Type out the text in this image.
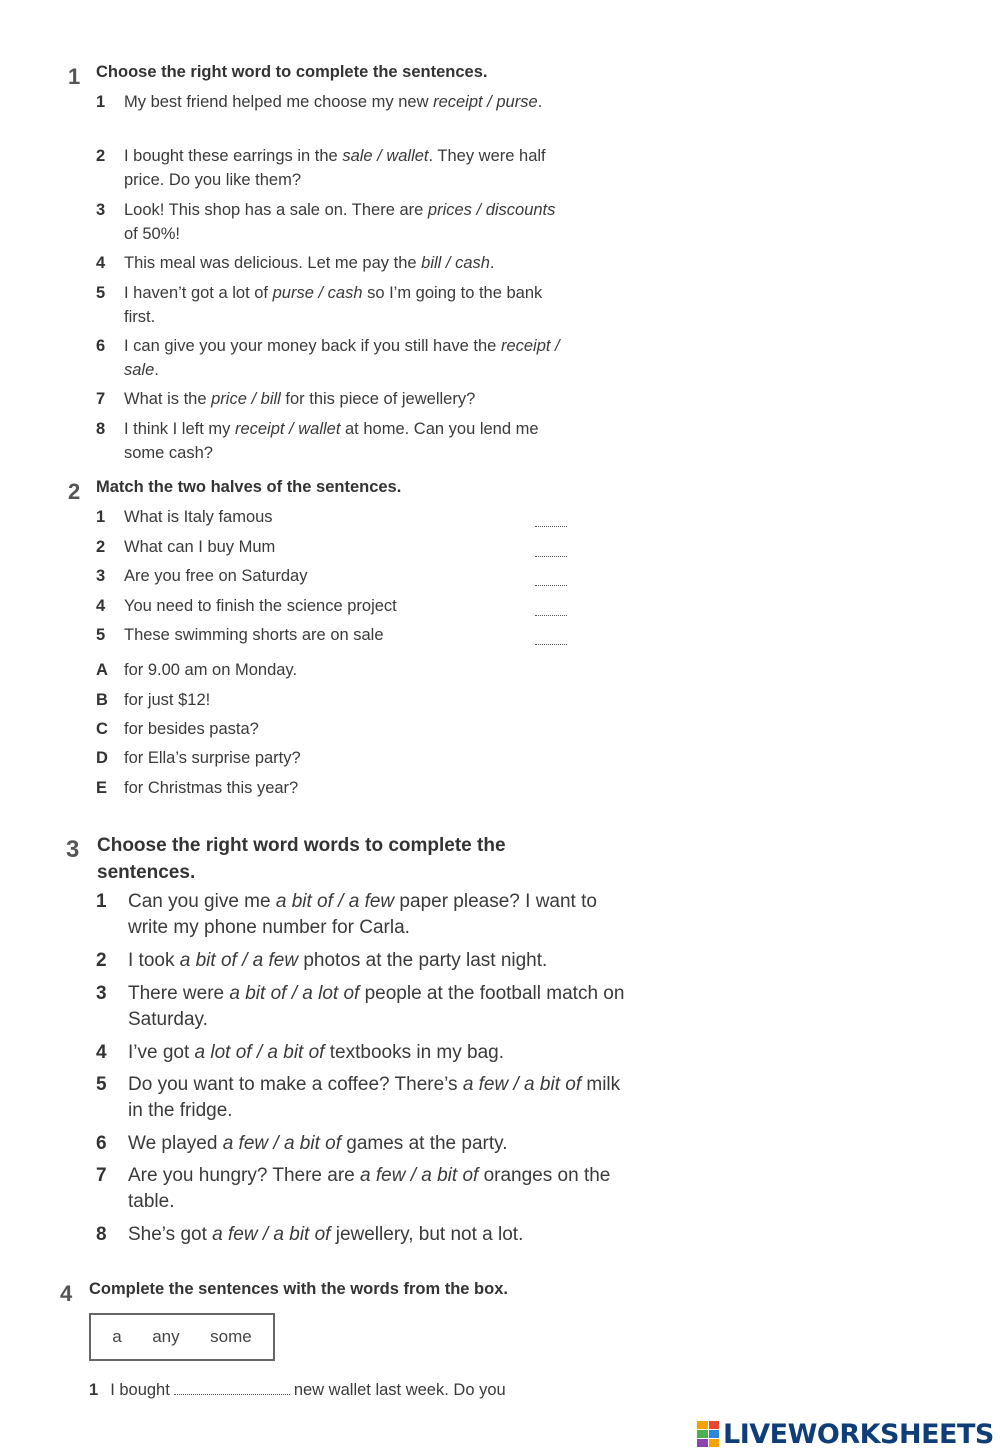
1 Choose the right word to complete the sentences.
1 My best friend helped me choose my new receipt / purse.
2 I bought these earrings in the sale / wallet. They were half price. Do you like them?
3 Look! This shop has a sale on. There are prices / discounts of 50%!
4 This meal was delicious. Let me pay the bill / cash.
5 I haven’t got a lot of purse / cash so I’m going to the bank first.
6 I can give you your money back if you still have the receipt / sale.
7 What is the price / bill for this piece of jewellery?
8 I think I left my receipt / wallet at home. Can you lend me some cash?
2 Match the two halves of the sentences.
1 What is Italy famous
2 What can I buy Mum
3 Are you free on Saturday
4 You need to finish the science project
5 These swimming shorts are on sale
A for 9.00 am on Monday.
B for just $12!
C for besides pasta?
D for Ella’s surprise party?
E for Christmas this year?
3 Choose the right word words to complete the sentences.
1 Can you give me a bit of / a few paper please? I want to write my phone number for Carla.
2 I took a bit of / a few photos at the party last night.
3 There were a bit of / a lot of people at the football match on Saturday.
4 I’ve got a lot of / a bit of textbooks in my bag.
5 Do you want to make a coffee? There’s a few / a bit of milk in the fridge.
6 We played a few / a bit of games at the party.
7 Are you hungry? There are a few / a bit of oranges on the table.
8 She’s got a few / a bit of jewellery, but not a lot.
4 Complete the sentences with the words from the box.
a any some
1 I bought	new wallet last week. Do you
LIVEWORKSHEETS
